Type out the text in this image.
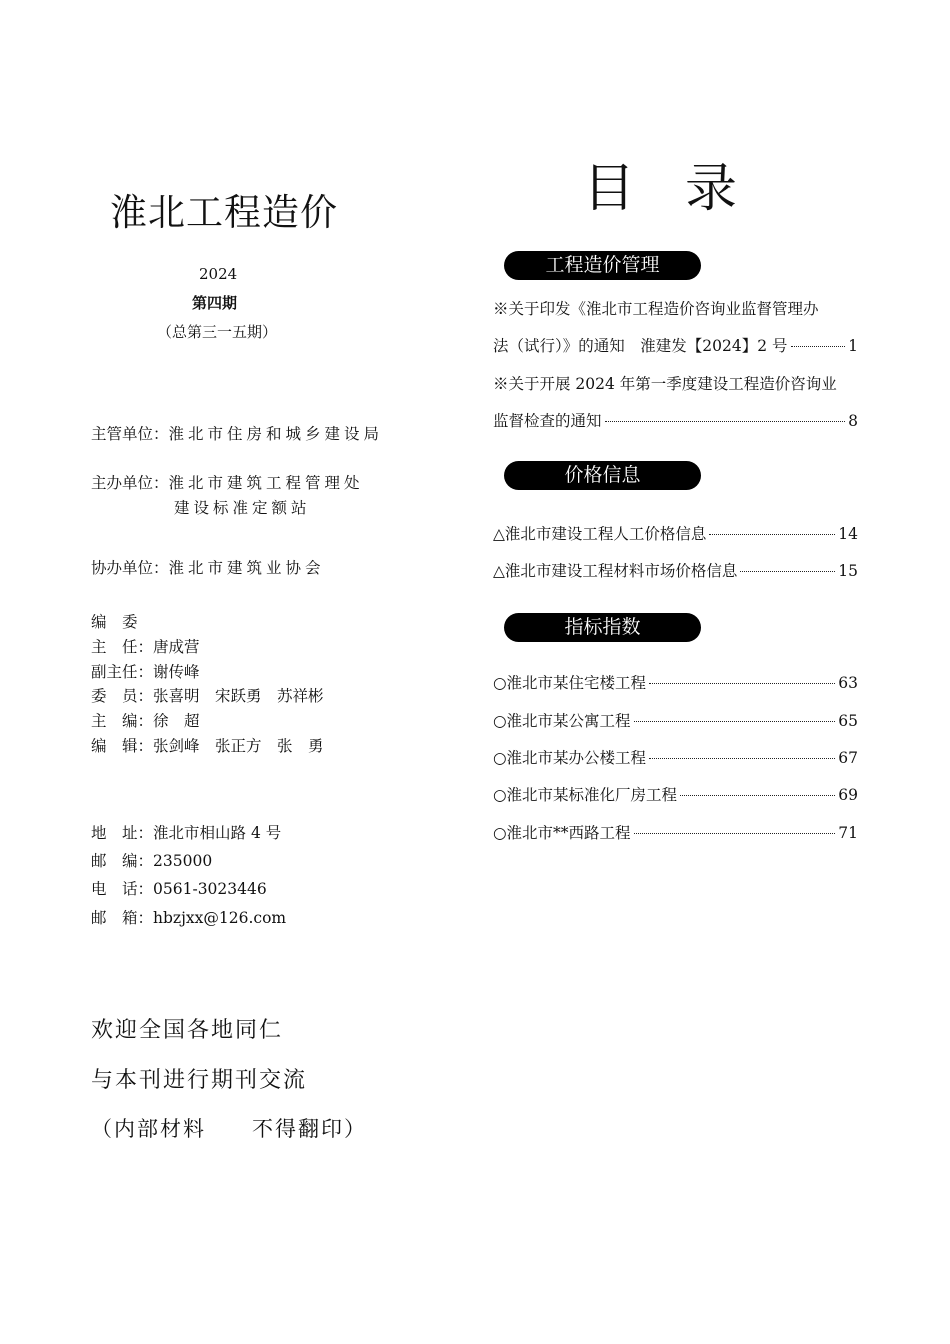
淮北工程造价
2024
第四期
（总第三一五期）
主管单位：淮北市住房和城乡建设局
主办单位：淮北市建筑工程管理处
建设标准定额站
协办单位：淮北市建筑业协会
编　委
主　任：唐成营
副主任：谢传峰
委　员：张喜明　宋跃勇　苏祥彬
主　编：徐　超
编　辑：张剑峰　张正方　张　勇
地　址：淮北市相山路 4 号
邮　编：235000
电　话：0561-3023446
邮　箱：hbzjxx@126.com
欢迎全国各地同仁
与本刊进行期刊交流
（内部材料　　不得翻印）
目录
工程造价管理
※关于印发《淮北市工程造价咨询业监督管理办
法（试行）》的通知　淮建发【2024】2 号	1
※关于开展 2024 年第一季度建设工程造价咨询业
监督检查的通知	8
价格信息
△淮北市建设工程人工价格信息	14
△淮北市建设工程材料市场价格信息	15
指标指数
○淮北市某住宅楼工程	63
○淮北市某公寓工程	65
○淮北市某办公楼工程	67
○淮北市某标准化厂房工程	69
○淮北市**西路工程	71
